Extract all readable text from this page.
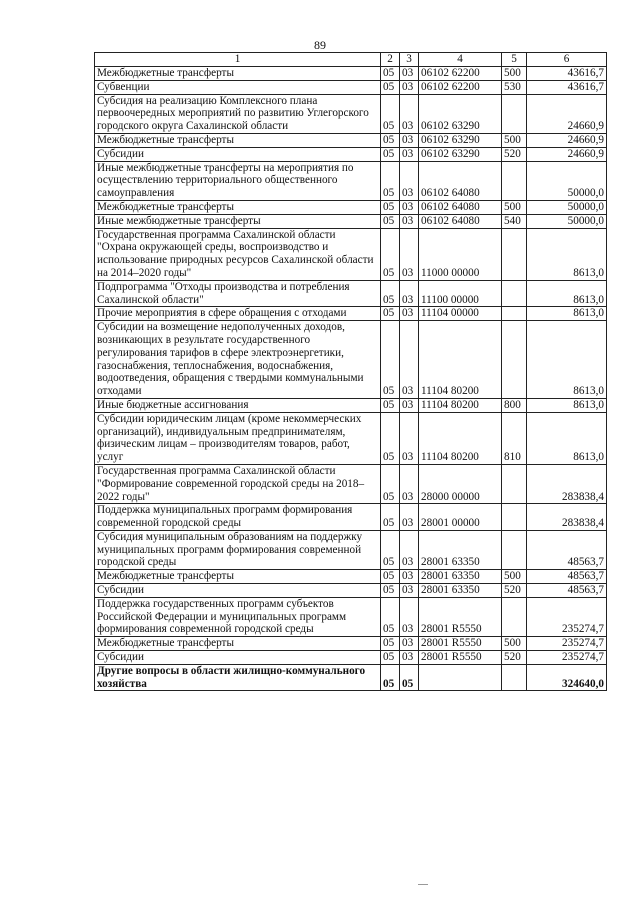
89
1	2	3	4	5	6
Межбюджетные трансферты	05	03	06102 62200	500	43616,7
Субвенции	05	03	06102 62200	530	43616,7
Субсидия на реализацию Комплексного плана первоочередных мероприятий по развитию Углегорского городского округа Сахалинской области	05	03	06102 63290		24660,9
Межбюджетные трансферты	05	03	06102 63290	500	24660,9
Субсидии	05	03	06102 63290	520	24660,9
Иные межбюджетные трансферты на мероприятия по осуществлению территориального общественного самоуправления	05	03	06102 64080		50000,0
Межбюджетные трансферты	05	03	06102 64080	500	50000,0
Иные межбюджетные трансферты	05	03	06102 64080	540	50000,0
Государственная программа Сахалинской области "Охрана окружающей среды, воспроизводство и использование природных ресурсов Сахалинской области на 2014–2020 годы"	05	03	11000 00000		8613,0
Подпрограмма "Отходы производства и потребления Сахалинской области"	05	03	11100 00000		8613,0
Прочие мероприятия в сфере обращения с отходами	05	03	11104 00000		8613,0
Субсидии на возмещение недополученных доходов, возникающих в результате государственного регулирования тарифов в сфере электроэнергетики, газоснабжения, теплоснабжения, водоснабжения, водоотведения, обращения с твердыми коммунальными отходами	05	03	11104 80200		8613,0
Иные бюджетные ассигнования	05	03	11104 80200	800	8613,0
Субсидии юридическим лицам (кроме некоммерческих организаций), индивидуальным предпринимателям, физическим лицам – производителям товаров, работ, услуг	05	03	11104 80200	810	8613,0
Государственная программа Сахалинской области "Формирование современной городской среды на 2018–2022 годы"	05	03	28000 00000		283838,4
Поддержка муниципальных программ формирования современной городской среды	05	03	28001 00000		283838,4
Субсидия муниципальным образованиям на поддержку муниципальных программ формирования современной городской среды	05	03	28001 63350		48563,7
Межбюджетные трансферты	05	03	28001 63350	500	48563,7
Субсидии	05	03	28001 63350	520	48563,7
Поддержка государственных программ субъектов Российской Федерации и муниципальных программ формирования современной городской среды	05	03	28001 R5550		235274,7
Межбюджетные трансферты	05	03	28001 R5550	500	235274,7
Субсидии	05	03	28001 R5550	520	235274,7
Другие вопросы в области жилищно-коммунального хозяйства	05	05			324640,0
